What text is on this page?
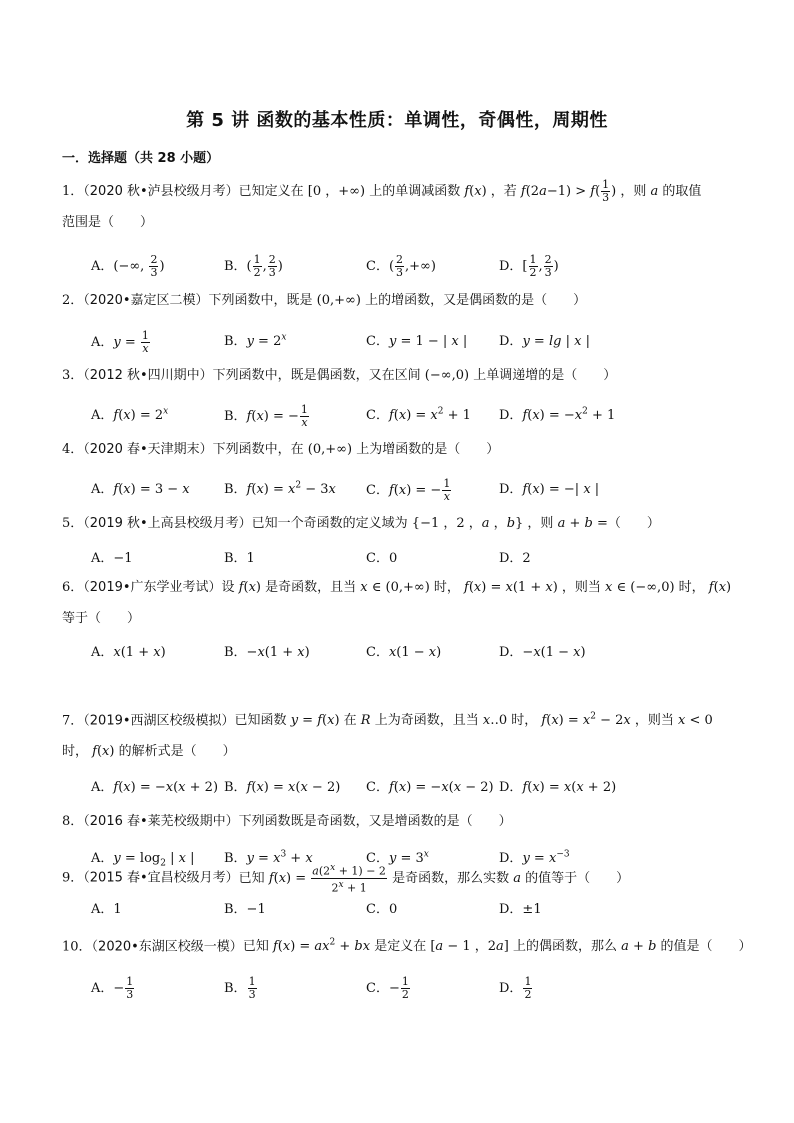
第 5 讲 函数的基本性质：单调性，奇偶性，周期性
一．选择题（共 28 小题）
1．（2020 秋•泸县校级月考）已知定义在 [0 ，+∞) 上的单调减函数 f(x) ，若 $f(2a-1) > f( \frac{1}{3}$ ) ，则 a 的取值
范围是（　　）
A．(−∞, $\frac{2}{3}$ )	B．( $\frac{1}{2}$ , $\frac{2}{3}$ )	C．( $\frac{2}{3}$ ,+∞)	D．[ $\frac{1}{2}$ , $\frac{2}{3}$ )
2．（2020•嘉定区二模）下列函数中，既是 (0,+∞) 上的增函数，又是偶函数的是（　　）
A．$y = \frac{1}{x}$	B．$y = 2^x$	C．y = 1 − | x | D．y = lg | x |
3．（2012 秋•四川期中）下列函数中，既是偶函数，又在区间 (−∞,0) 上单调递增的是（　　）
A．$f(x) = 2^x$	B．f(x) = − $\frac{1}{x}$	C．$f(x) = x^2 + 1$ D．$f(x) = -x^2 + 1$
4．（2020 春•天津期末）下列函数中，在 (0,+∞) 上为增函数的是（　　）
A．f(x) = 3 − x	B．$f(x) = x^2 - 3x$ C．f(x) = − $\frac{1}{x}$	D．f(x) = −| x |
5．（2019 秋•上高县校级月考）已知一个奇函数的定义域为 {−1 ，2 ，a ，b} ，则 a + b =（　　）
A．−1	B．1	C．0	D．2
6．（2019•广东学业考试）设 f(x) 是奇函数，且当 x ∈ (0,+∞) 时， f(x) = x(1 + x) ，则当 x ∈ (−∞,0) 时， f(x)
等于（　　）
A．x(1 + x)	B．−x(1 + x)	C．x(1 − x)	D．−x(1 − x)
7．（2019•西湖区校级模拟）已知函数 y = f(x) 在 R 上为奇函数，且当 x‥0 时， $f(x) = x^2 - 2x$ ，则当 x < 0
时， f(x) 的解析式是（　　）
A．f(x) = −x(x + 2) B．f(x) = x(x − 2) C．f(x) = −x(x − 2) D．f(x) = x(x + 2)
8．（2016 春•莱芜校级期中）下列函数既是奇函数，又是增函数的是（　　）
A．$y = \log_2$ | x | B．$y = x^3 + x$	C．$y = 3^x$	D．$y = x^{-3}$
9．（2015 春•宜昌校级月考）已知 $f(x) = \frac{a(2^x + 1) - 2}{2^x + 1}$ 是奇函数，那么实数 a 的值等于（　　）
A．1	B．−1	C．0	D．±1
10．（2020•东湖区校级一模）已知 $f(x) = ax^2$ + bx 是定义在 [a − 1 ，2a] 上的偶函数，那么 a + b 的值是（　　）
A．− $\frac{1}{3}$	B． $\frac{1}{3}$	C．− $\frac{1}{2}$	D． $\frac{1}{2}$
